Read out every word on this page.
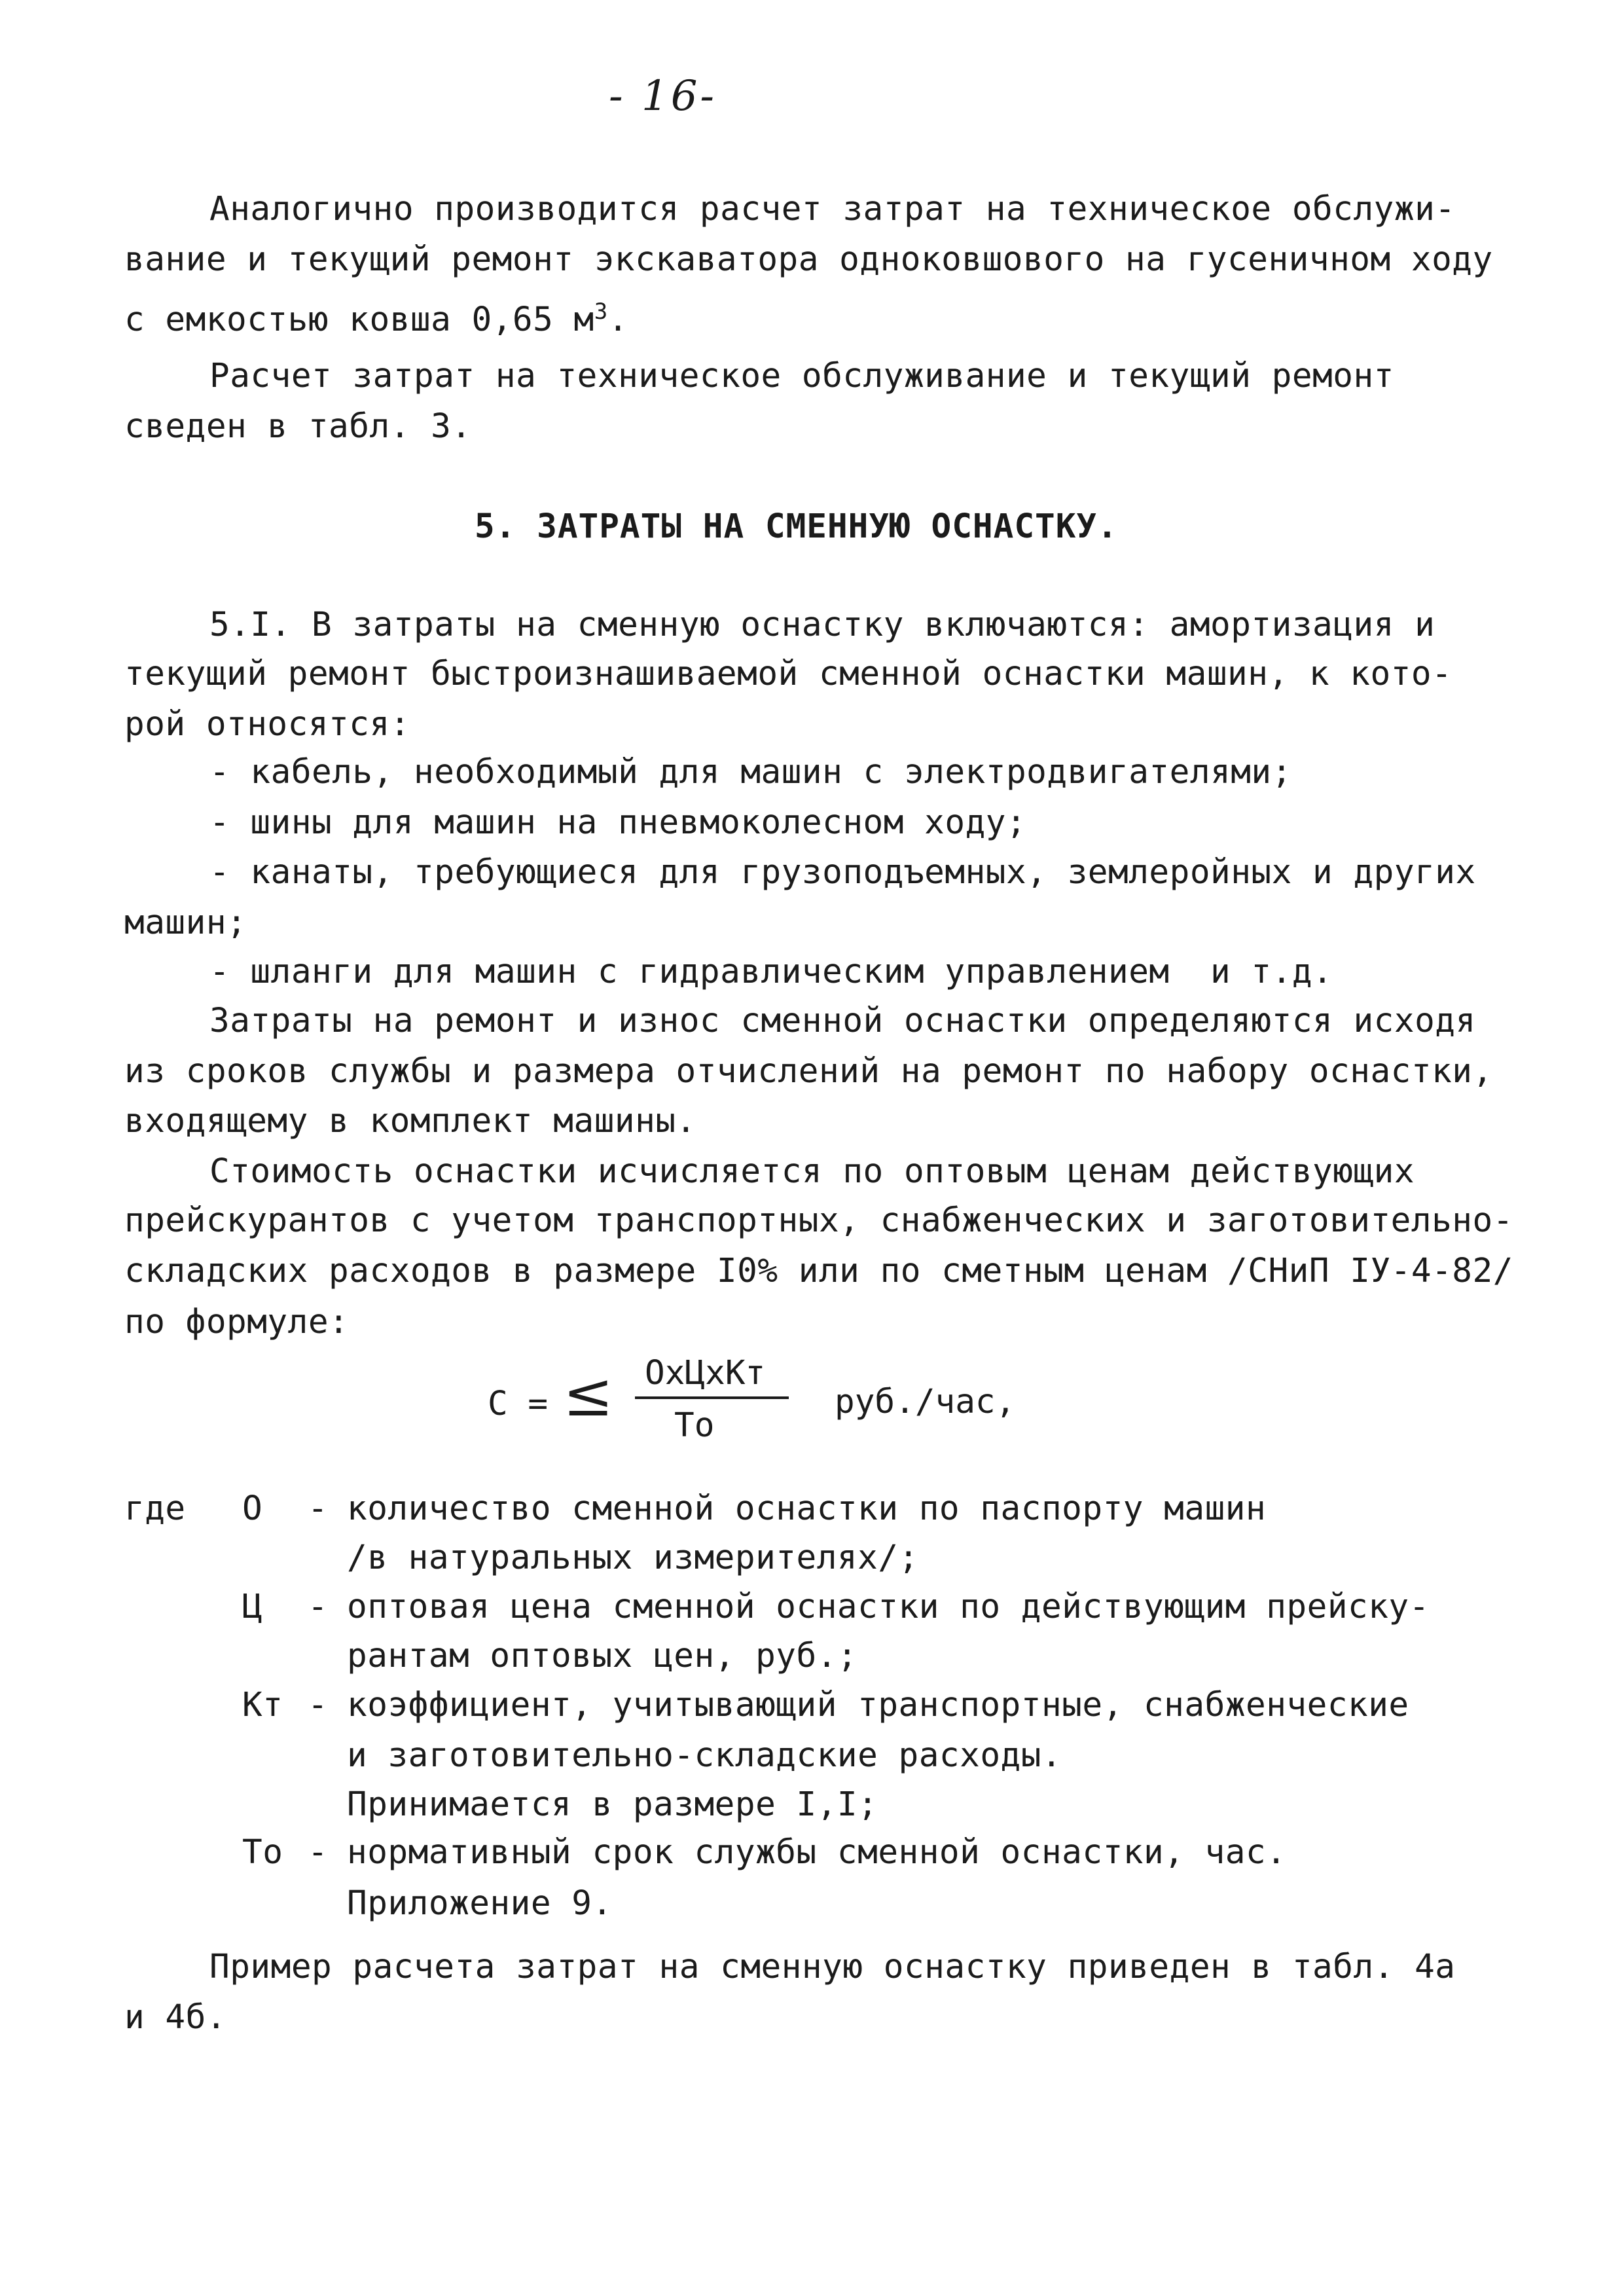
- 16-
Аналогично производится расчет затрат на техническое обслужи-
вание и текущий ремонт экскаватора одноковшового на гусеничном ходу
с емкостью ковша 0,65 $м^3$.
Расчет затрат на техническое обслуживание и текущий ремонт
сведен в табл. 3.
5. ЗАТРАТЫ НА СМЕННУЮ ОСНАСТКУ.
5.I. В затраты на сменную оснастку включаются: амортизация и
текущий ремонт быстроизнашиваемой сменной оснастки машин, к кото-
рой относятся:
- кабель, необходимый для машин с электродвигателями;
- шины для машин на пневмоколесном ходу;
- канаты, требующиеся для грузоподъемных, землеройных и других
машин;
- шланги для машин с гидравлическим управлением  и т.д.
Затраты на ремонт и износ сменной оснастки определяются исходя
из сроков службы и размера отчислений на ремонт по набору оснастки,
входящему в комплект машины.
Стоимость оснастки исчисляется по оптовым ценам действующих
прейскурантов с учетом транспортных, снабженческих и заготовительно-
складских расходов в размере I0% или по сметным ценам /СНиП IУ-4-82/
по формуле:
С = ≤ ОхЦхКт
То
руб./час,
где О - количество сменной оснастки по паспорту машин
/в натуральных измерителях/;
Ц - оптовая цена сменной оснастки по действующим прейску-
рантам оптовых цен, руб.;
Кт - коэффициент, учитывающий транспортные, снабженческие
и заготовительно-складские расходы.
Принимается в размере I,I;
То - нормативный срок службы сменной оснастки, час.
Приложение 9.
Пример расчета затрат на сменную оснастку приведен в табл. 4а
и 4б.
